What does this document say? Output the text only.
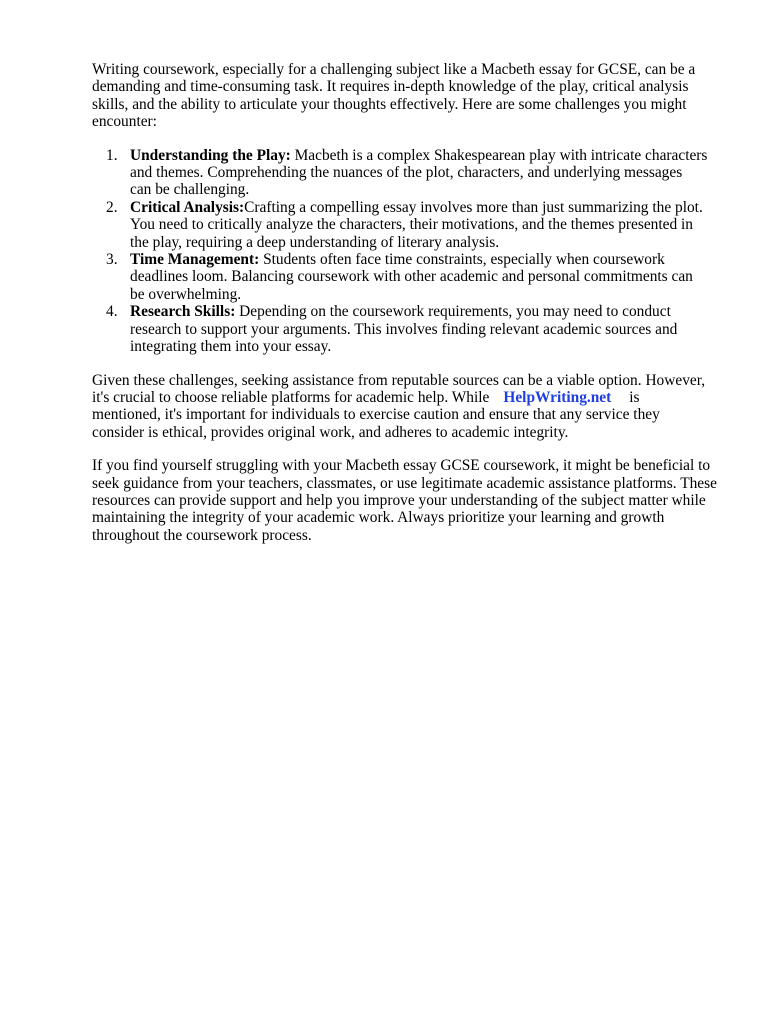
Writing coursework, especially for a challenging subject like a Macbeth essay for GCSE, can be a
demanding and time-consuming task. It requires in-depth knowledge of the play, critical analysis
skills, and the ability to articulate your thoughts effectively. Here are some challenges you might
encounter:

1. Understanding the Play: Macbeth is a complex Shakespearean play with intricate characters
and themes. Comprehending the nuances of the plot, characters, and underlying messages
can be challenging.
2. Critical Analysis:Crafting a compelling essay involves more than just summarizing the plot.
You need to critically analyze the characters, their motivations, and the themes presented in
the play, requiring a deep understanding of literary analysis.
3. Time Management: Students often face time constraints, especially when coursework
deadlines loom. Balancing coursework with other academic and personal commitments can
be overwhelming.
4. Research Skills: Depending on the coursework requirements, you may need to conduct
research to support your arguments. This involves finding relevant academic sources and
integrating them into your essay.

Given these challenges, seeking assistance from reputable sources can be a viable option. However,
it's crucial to choose reliable platforms for academic help. While HelpWriting.net is
mentioned, it's important for individuals to exercise caution and ensure that any service they
consider is ethical, provides original work, and adheres to academic integrity.

If you find yourself struggling with your Macbeth essay GCSE coursework, it might be beneficial to
seek guidance from your teachers, classmates, or use legitimate academic assistance platforms. These
resources can provide support and help you improve your understanding of the subject matter while
maintaining the integrity of your academic work. Always prioritize your learning and growth
throughout the coursework process.
